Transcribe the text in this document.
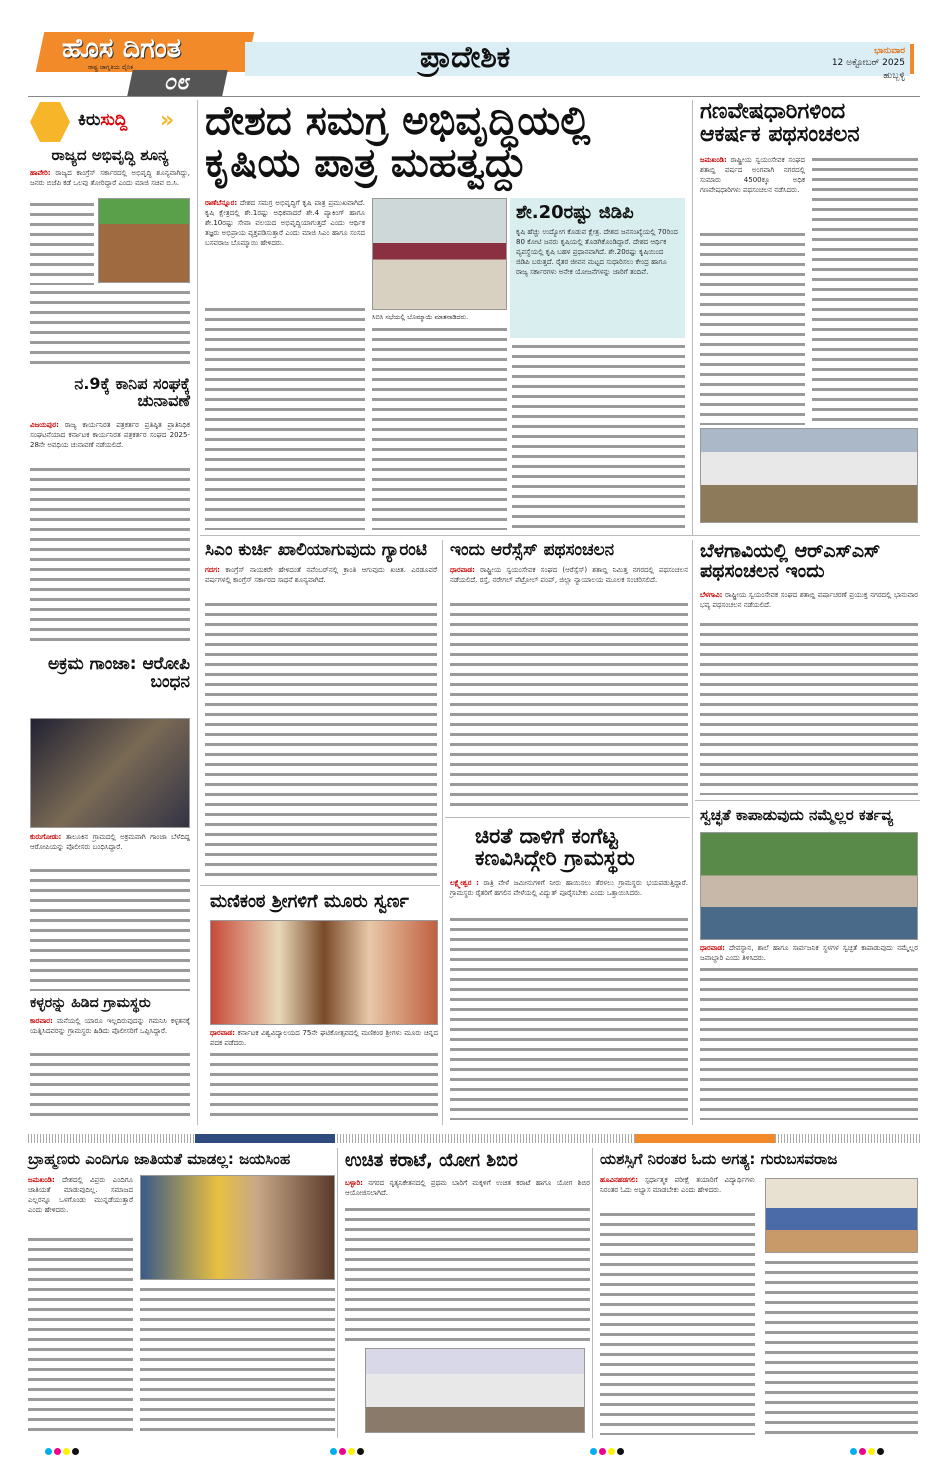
ಹೊಸ ದಿಗಂತ
ರಾಷ್ಟ್ರ ಜಾಗೃತಿಯ ದೈನಿಕ
೦೮
ಪ್ರಾದೇಶಿಕ	ಭಾನುವಾರ
12 ಅಕ್ಟೋಬರ್ 2025
ಹುಬ್ಬಳ್ಳಿ
ಕಿರುಸುದ್ದಿ »
ರಾಜ್ಯದ ಅಭಿವೃದ್ಧಿ ಶೂನ್ಯ
ಹಾವೇರಿ: ರಾಜ್ಯದ ಕಾಂಗ್ರೆಸ್ ಸರ್ಕಾರದಲ್ಲಿ ಅಭಿವೃದ್ಧಿ ಶೂನ್ಯವಾಗಿದ್ದು, ಜನರು ಬಿಜೆಪಿ ಕಡೆ ಒಲವು ತೋರಿದ್ದಾರೆ ಎಂದು ಮಾಜಿ ಸಚಿವ ಬಿ.ಸಿ.
ನ.9ಕ್ಕೆ ಕಾನಿಪ ಸಂಘಕ್ಕೆ ಚುನಾವಣೆ
ವಿಜಯಪುರ: ರಾಜ್ಯ ಕಾರ್ಯನಿರತ ಪತ್ರಕರ್ತರ ಪ್ರತಿಷ್ಠಿತ ಪ್ರಾತಿನಿಧಿಕ ಸಂಘಟನೆಯಾದ ಕರ್ನಾಟಕ ಕಾರ್ಯನಿರತ ಪತ್ರಕರ್ತರ ಸಂಘದ 2025-28ನೇ ಅವಧಿಯ ಚುನಾವಣೆ ನಡೆಯಲಿದೆ.
ಅಕ್ರಮ ಗಾಂಜಾ: ಆರೋಪಿ ಬಂಧನ
ಕುರುಗೋಡು: ತಾಲೂಕಿನ ಗ್ರಾಮದಲ್ಲಿ ಅಕ್ರಮವಾಗಿ ಗಾಂಜಾ ಬೆಳೆದಿದ್ದ ಆರೋಪಿಯನ್ನು ಪೊಲೀಸರು ಬಂಧಿಸಿದ್ದಾರೆ.
ಕಳ್ಳರನ್ನು ಹಿಡಿದ ಗ್ರಾಮಸ್ಥರು
ಕಾರವಾರ: ಮನೆಯಲ್ಲಿ ಯಾರೂ ಇಲ್ಲದಿರುವುದನ್ನು ಗಮನಿಸಿ ಕಳ್ಳತನಕ್ಕೆ ಯತ್ನಿಸಿದವರನ್ನು ಗ್ರಾಮಸ್ಥರು ಹಿಡಿದು ಪೊಲೀಸರಿಗೆ ಒಪ್ಪಿಸಿದ್ದಾರೆ.
ದೇಶದ ಸಮಗ್ರ ಅಭಿವೃದ್ಧಿಯಲ್ಲಿ
ಕೃಷಿಯ ಪಾತ್ರ ಮಹತ್ವದ್ದು
ರಾಣೆಬೆನ್ನೂರ: ದೇಶದ ಸಮಗ್ರ ಅಭಿವೃದ್ಧಿಗೆ ಕೃಷಿ ಪಾತ್ರ ಪ್ರಮುಖವಾಗಿದೆ. ಕೃಷಿ ಕ್ಷೇತ್ರದಲ್ಲಿ ಶೇ.1ರಷ್ಟು ಅಧಿಕವಾದರೆ ಶೇ.4 ಪ್ಯಾಕಿಂಗ್ ಹಾಗೂ ಶೇ.10ರಷ್ಟು ಸೇವಾ ವಲಯದ ಅಭಿವೃದ್ಧಿಯಾಗುತ್ತದೆ ಎಂದು ಆರ್ಥಿಕ ತಜ್ಞರು ಅಭಿಪ್ರಾಯ ವ್ಯಕ್ತಪಡಿಸುತ್ತಾರೆ ಎಂದು ಮಾಜಿ ಸಿಎಂ ಹಾಗೂ ಸಂಸದ ಬಸವರಾಜ ಬೊಮ್ಮಾಯಿ ಹೇಳಿದರು.
ಸಿಬಿಸಿ ಸಭೆಯಲ್ಲಿ ಬೊಮ್ಮಾಯಿ ಮಾತನಾಡಿದರು.
ಶೇ.20ರಷ್ಟು ಜಿಡಿಪಿ
ಕೃಷಿ ಹೆಚ್ಚು ಉದ್ಯೋಗ ಕೊಡುವ ಕ್ಷೇತ್ರ. ದೇಶದ ಜನಸಂಖ್ಯೆಯಲ್ಲಿ 70ರಿಂದ 80 ಕೋಟಿ ಜನರು ಕೃಷಿಯಲ್ಲಿ ತೊಡಗಿಕೊಂಡಿದ್ದಾರೆ. ದೇಶದ ಆರ್ಥಿಕ ವ್ಯವಸ್ಥೆಯಲ್ಲಿ ಕೃಷಿ ಬಹಳ ಪ್ರಧಾನವಾಗಿದೆ. ಶೇ.20ರಷ್ಟು ಕೃಷಿಯಿಂದ ಜಿಡಿಪಿ ಬರುತ್ತದೆ. ರೈತರ ಜೀವನ ಮಟ್ಟದ ಸುಧಾರಿಸಲು ಕೇಂದ್ರ ಹಾಗೂ ರಾಜ್ಯ ಸರ್ಕಾರಗಳು ಅನೇಕ ಯೋಜನೆಗಳನ್ನು ಜಾರಿಗೆ ತಂದಿವೆ.
ಗಣವೇಷಧಾರಿಗಳಿಂದ
ಆಕರ್ಷಕ ಪಥಸಂಚಲನ
ಜಮಖಂಡಿ: ರಾಷ್ಟ್ರೀಯ ಸ್ವಯಂಸೇವಕ ಸಂಘದ ಶತಾಬ್ದಿ ವರ್ಷದ ಅಂಗವಾಗಿ ನಗರದಲ್ಲಿ ಸುಮಾರು 4500ಕ್ಕೂ ಅಧಿಕ ಗಣವೇಷಧಾರಿಗಳು ಪಥಸಂಚಲನ ನಡೆಸಿದರು.
ಸಿಎಂ ಕುರ್ಚಿ ಖಾಲಿಯಾಗುವುದು ಗ್ಯಾರಂಟಿ
ಗದಗ: ಕಾಂಗ್ರೆಸ್ ನಾಯಕರೇ ಹೇಳಿದಂತೆ ನವೆಂಬರ್‌ನಲ್ಲಿ ಕ್ರಾಂತಿ ಆಗುವುದು ಖಚಿತ. ಎರಡೂವರೆ ವರ್ಷಗಳಲ್ಲಿ ಕಾಂಗ್ರೆಸ್ ಸರ್ಕಾರದ ಸಾಧನೆ ಶೂನ್ಯವಾಗಿದೆ.
ಇಂದು ಆರೆಸ್ಸೆಸ್ ಪಥಸಂಚಲನ
ಧಾರವಾಡ: ರಾಷ್ಟ್ರೀಯ ಸ್ವಯಂಸೇವಕ ಸಂಘದ (ಆರೆಸ್ಸೆಸ್) ಶತಾಬ್ದಿ ನಿಮಿತ್ತ ನಗರದಲ್ಲಿ ಪಥಸಂಚಲನ ನಡೆಯಲಿದೆ. ರಸ್ತೆ, ನರೇಗಲ್ ಪೆಟ್ರೋಲ್ ಪಂಪ್, ಜಿಲ್ಲಾ ನ್ಯಾಯಾಲಯ ಮೂಲಕ ಸಂಚರಿಸಲಿದೆ.
ಬೆಳಗಾವಿಯಲ್ಲಿ ಆರ್‌ಎಸ್‌ಎಸ್
ಪಥಸಂಚಲನ ಇಂದು
ಬೆಳಗಾವಿ: ರಾಷ್ಟ್ರೀಯ ಸ್ವಯಂಸೇವಕ ಸಂಘದ ಶತಾಬ್ದಿ ವರ್ಷಾಚರಣೆ ಪ್ರಯುಕ್ತ ನಗರದಲ್ಲಿ ಭಾನುವಾರ ಭವ್ಯ ಪಥಸಂಚಲನ ನಡೆಯಲಿದೆ.
ಮಣಿಕಂಠ ಶ್ರೀಗಳಿಗೆ ಮೂರು ಸ್ವರ್ಣ
ಧಾರವಾಡ: ಕರ್ನಾಟಕ ವಿಶ್ವವಿದ್ಯಾಲಯದ 75ನೇ ಘಟಿಕೋತ್ಸವದಲ್ಲಿ ಮಣಿಕಂಠ ಶ್ರೀಗಳು ಮೂರು ಚಿನ್ನದ ಪದಕ ಪಡೆದರು.
ಚಿರತೆ ದಾಳಿಗೆ ಕಂಗೆಟ್ಟ
ಕಣವಿಸಿದ್ಗೇರಿ ಗ್ರಾಮಸ್ಥರು
ಲಕ್ಷ್ಮೇಶ್ವರ : ರಾತ್ರಿ ವೇಳೆ ಜಮೀನುಗಳಿಗೆ ನೀರು ಹಾಯಿಸಲು ತೆರಳಲು ಗ್ರಾಮಸ್ಥರು ಭಯಪಡುತ್ತಿದ್ದಾರೆ. ಗ್ರಾಮಸ್ಥರು ರೈತರಿಗೆ ಹಗಲಿನ ವೇಳೆಯಲ್ಲಿ ವಿದ್ಯುತ್ ಪೂರೈಸಬೇಕು ಎಂದು ಒತ್ತಾಯಿಸಿದರು.
ಸ್ವಚ್ಛತೆ ಕಾಪಾಡುವುದು ನಮ್ಮೆಲ್ಲರ ಕರ್ತವ್ಯ
ಧಾರವಾಡ: ದೇವಸ್ಥಾನ, ಶಾಲೆ ಹಾಗೂ ಸಾರ್ವಜನಿಕ ಸ್ಥಳಗಳ ಸ್ವಚ್ಛತೆ ಕಾಪಾಡುವುದು ನಮ್ಮೆಲ್ಲರ ಜವಾಬ್ದಾರಿ ಎಂದು ತಿಳಿಸಿದರು.
ಬ್ರಾಹ್ಮಣರು ಎಂದಿಗೂ ಜಾತಿಯತೆ ಮಾಡಲ್ಲ: ಜಯಸಿಂಹ
ಜಮಖಂಡಿ: ದೇಶದಲ್ಲಿ ವಿಪ್ರರು ಎಂದಿಗೂ ಜಾತಿಯತೆ ಮಾಡುವುದಿಲ್ಲ. ಸಮಾಜದ ಎಲ್ಲರನ್ನೂ ಒಳಗೊಂಡು ಮುನ್ನಡೆಯುತ್ತಾರೆ ಎಂದು ಹೇಳಿದರು.
ಉಚಿತ ಕರಾಟೆ, ಯೋಗ ಶಿಬಿರ
ಬಳ್ಳಾರಿ: ನಗರದ ನೃತ್ಯನಿಕೇತನದಲ್ಲಿ ಪ್ರಥಮ ಬಾರಿಗೆ ಮಕ್ಕಳಿಗೆ ಉಚಿತ ಕರಾಟೆ ಹಾಗೂ ಯೋಗ ಶಿಬಿರ ಆಯೋಜಿಸಲಾಗಿದೆ.
ಯಶಸ್ಸಿಗೆ ನಿರಂತರ ಓದು ಅಗತ್ಯ: ಗುರುಬಸವರಾಜ
ಹೂವಿನಹಡಗಲಿ: ಸ್ಪರ್ಧಾತ್ಮಕ ಪರೀಕ್ಷೆ ತಯಾರಿಗೆ ವಿದ್ಯಾರ್ಥಿಗಳು ನಿರಂತರ ಓದು ಅಭ್ಯಾಸ ಮಾಡಬೇಕು ಎಂದು ಹೇಳಿದರು.
